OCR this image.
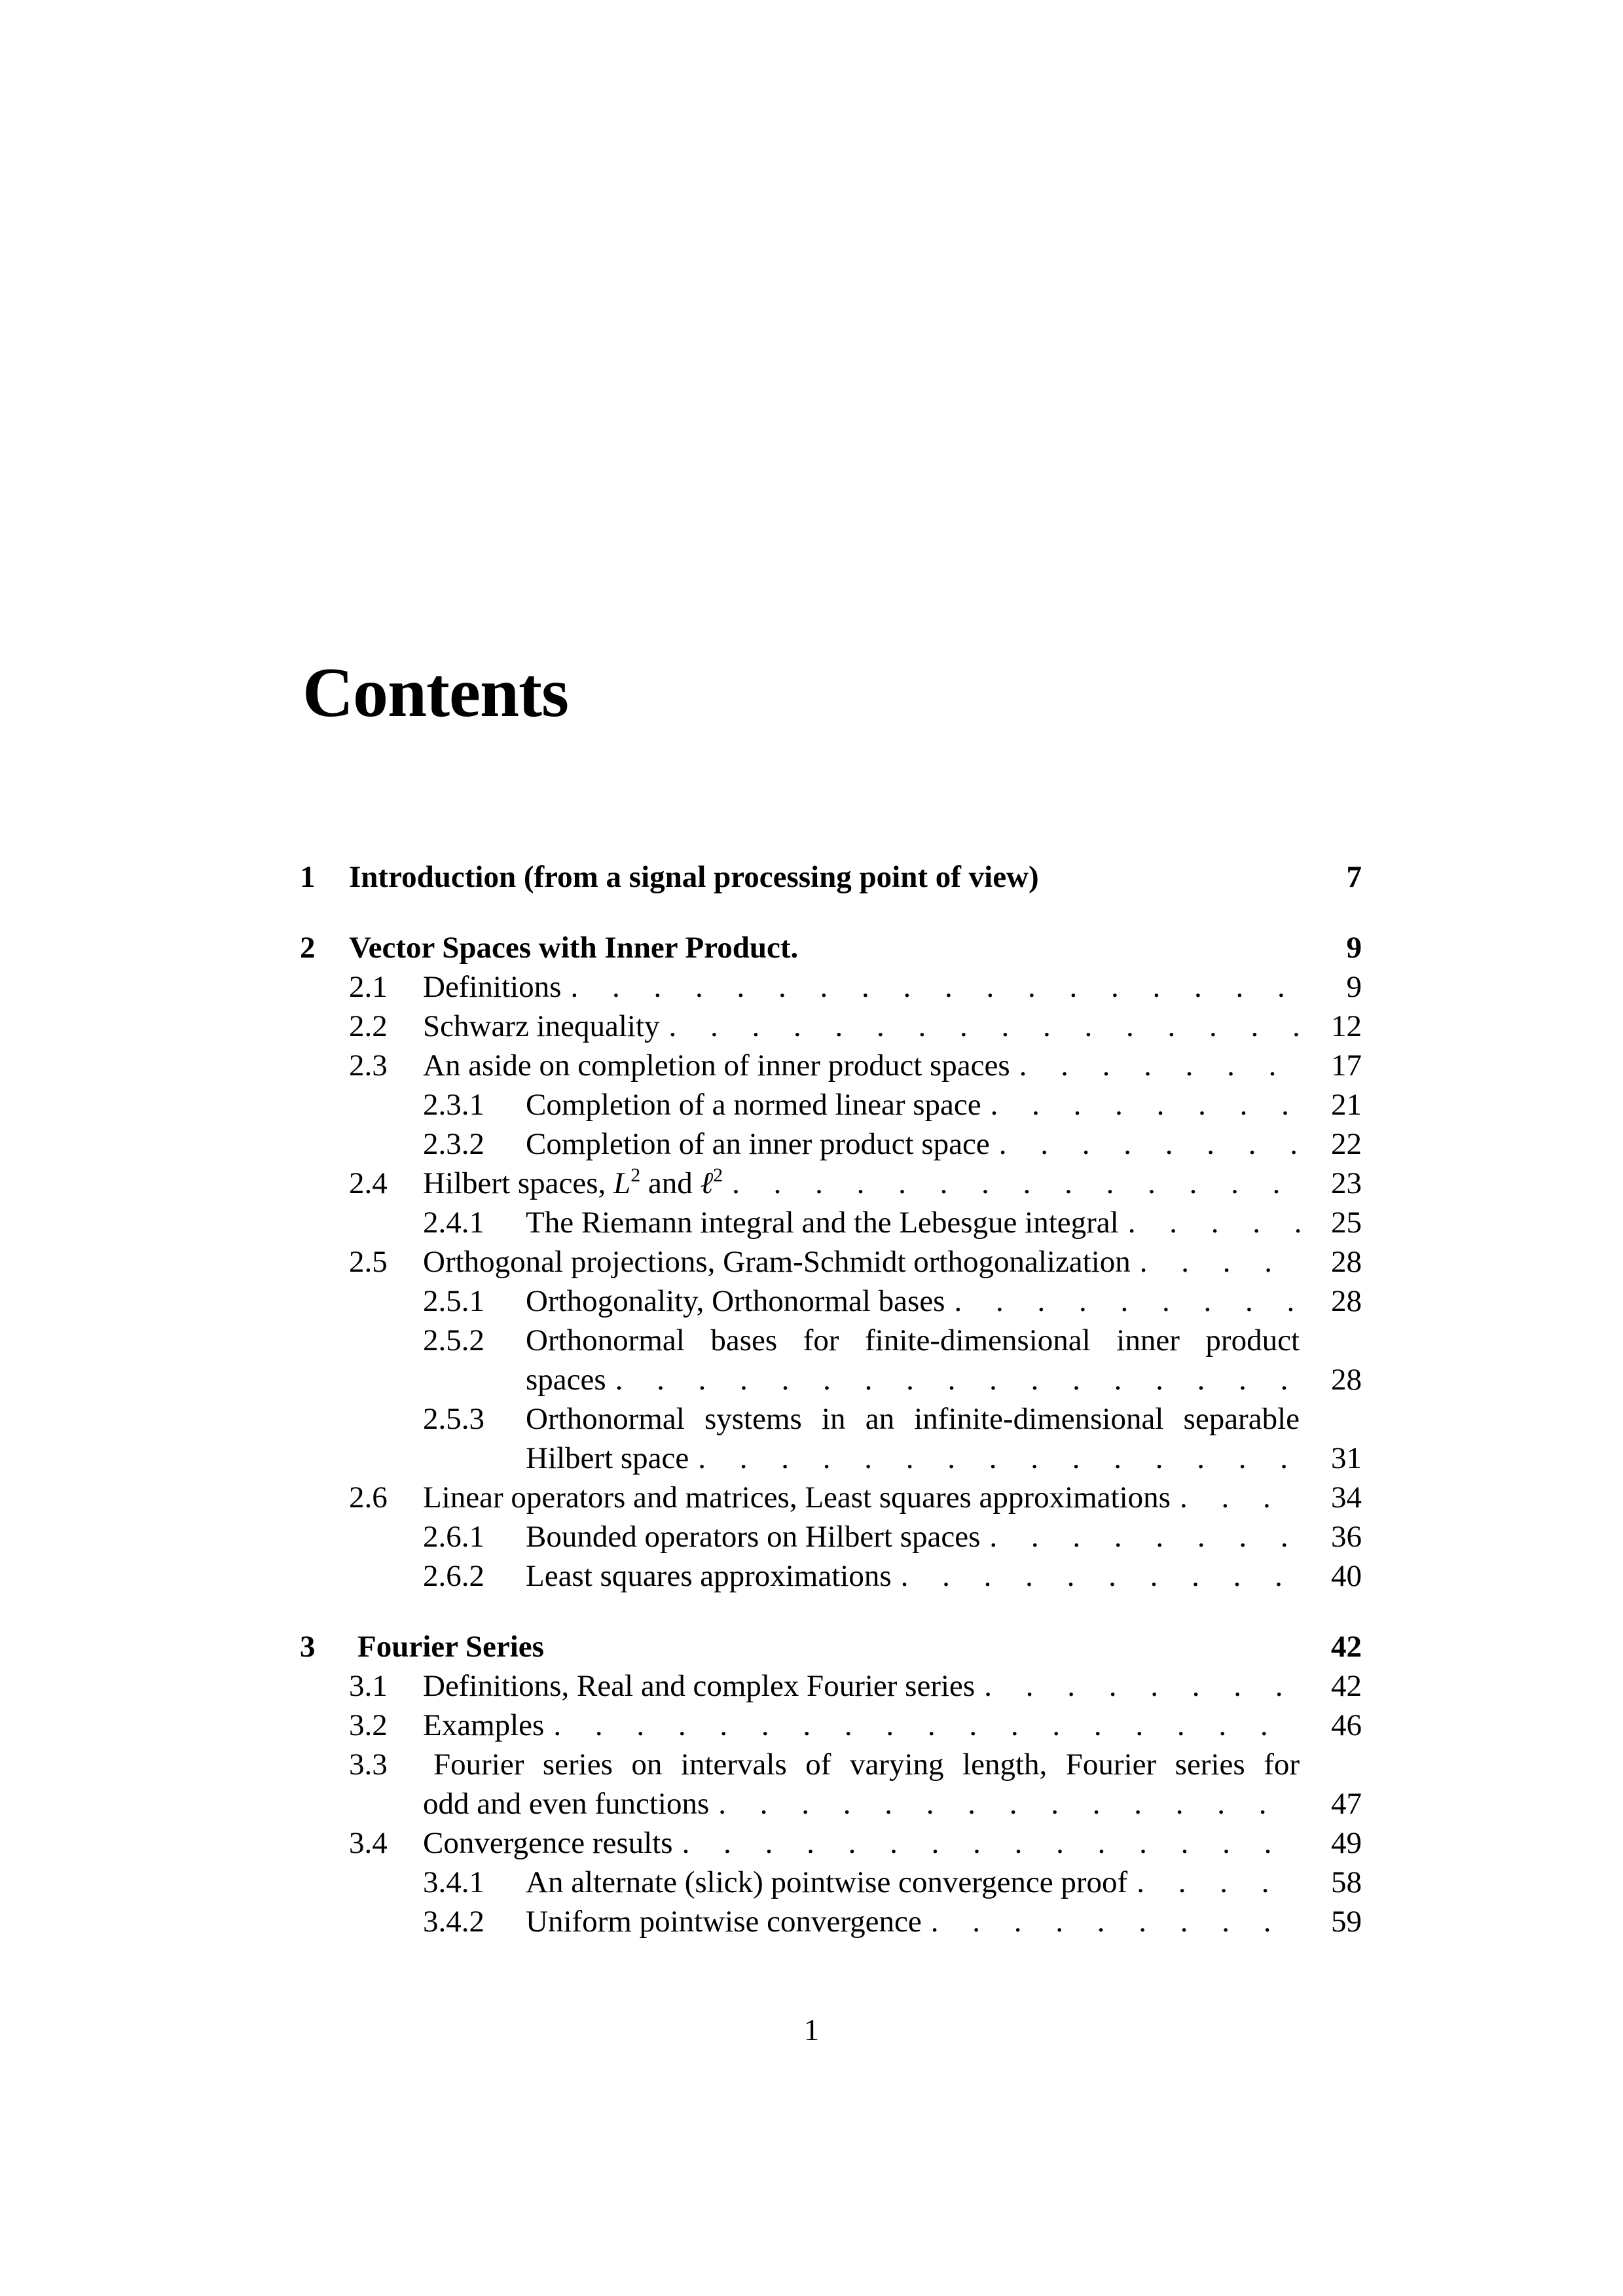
Contents
1 Introduction (from a signal processing point of view)	7
2 Vector Spaces with Inner Product.	9
2.1 Definitions . . .	9
2.2 Schwarz inequality . . .	12
2.3 An aside on completion of inner product spaces . . .	17
2.3.1 Completion of a normed linear space . . .	21
2.3.2 Completion of an inner product space . . .	22
2.4 Hilbert spaces, $L^2$ and ℓ$^2$ . . .	23
2.4.1 The Riemann integral and the Lebesgue integral . . .	25
2.5 Orthogonal projections, Gram-Schmidt orthogonalization . . .	28
2.5.1 Orthogonality, Orthonormal bases . . .	28
2.5.2 Orthonormal bases for finite-dimensional inner product
spaces . . .	28
2.5.3 Orthonormal systems in an infinite-dimensional separable
Hilbert space . . .	31
2.6 Linear operators and matrices, Least squares approximations . . .	34
2.6.1 Bounded operators on Hilbert spaces . . .	36
2.6.2 Least squares approximations . . .	40
3 Fourier Series	42
3.1 Definitions, Real and complex Fourier series . . .	42
3.2 Examples . . .	46
3.3 Fourier series on intervals of varying length, Fourier series for
odd and even functions . . .	47
3.4 Convergence results . . .	49
3.4.1 An alternate (slick) pointwise convergence proof . . .	58
3.4.2 Uniform pointwise convergence . . .	59
1
